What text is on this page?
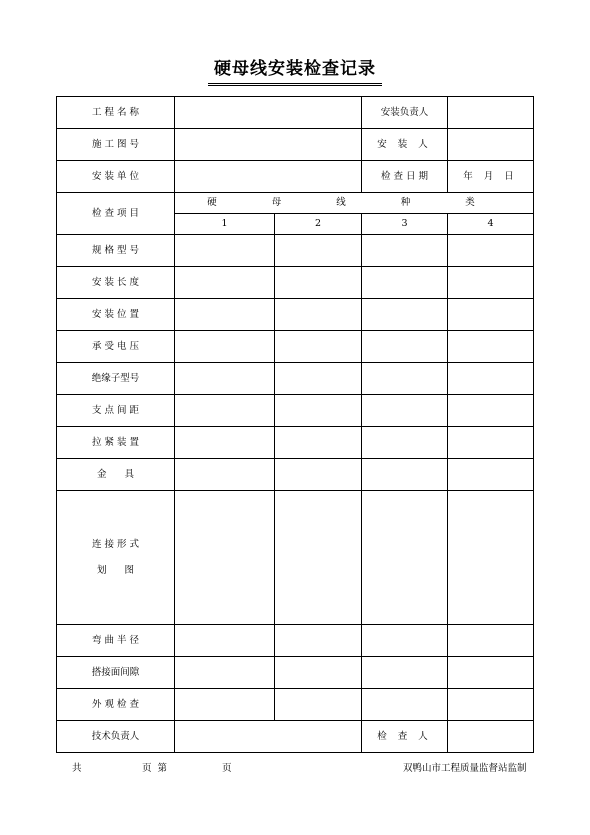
硬母线安装检查记录
工 程 名 称			安装负责人	
施 工 图 号			安 装 人	
安 装 单 位			检 查 日 期	年 月 日
检 查 项 目	硬 母 线 种 类			
	1	2	3	4
规 格 型 号				
安 装 长 度				
安 装 位 置				
承 受 电 压				
绝缘子型号				
支 点 间 距				
拉 紧 装 置				
金      具				

连 接 形 式
划      图				

弯 曲 半 径				
搭接面间隙				
外 观 检 查				
技术负责人			检 查 人	
共	页  第	页	双鸭山市工程质量监督站监制
